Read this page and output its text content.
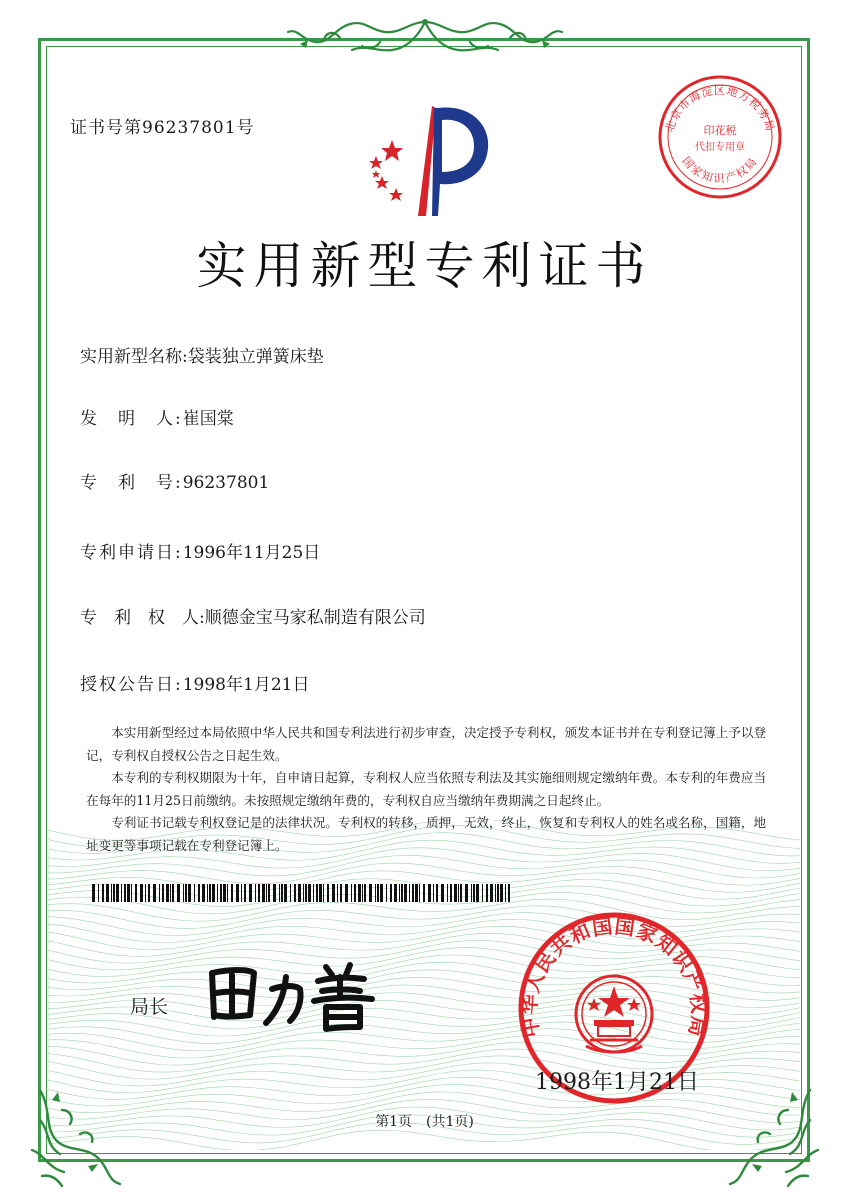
证书号第96237801号	北京市海淀区地方税务局
印花税
代扣专用章
国家知识产权局
实用新型专利证书
实用新型名称:袋装独立弹簧床垫
发　明　人:崔国棠
专　利　号:96237801
专利申请日:1996年11月25日
专　利　权　人:顺德金宝马家私制造有限公司
授权公告日:1998年1月21日

本实用新型经过本局依照中华人民共和国专利法进行初步审查，决定授予专利权，颁发本证书并在专利登记簿上予以登记，专利权自授权公告之日起生效。

本专利的专利权期限为十年，自申请日起算，专利权人应当依照专利法及其实施细则规定缴纳年费。本专利的年费应当在每年的11月25日前缴纳。未按照规定缴纳年费的，专利权自应当缴纳年费期满之日起终止。

专利证书记载专利权登记是的法律状况。专利权的转移，质押，无效，终止，恢复和专利权人的姓名或名称，国籍，地址变更等事项记载在专利登记簿上。

局长
中华人民共和国国家知识产权局
1998年1月21日
第1页　(共1页)
